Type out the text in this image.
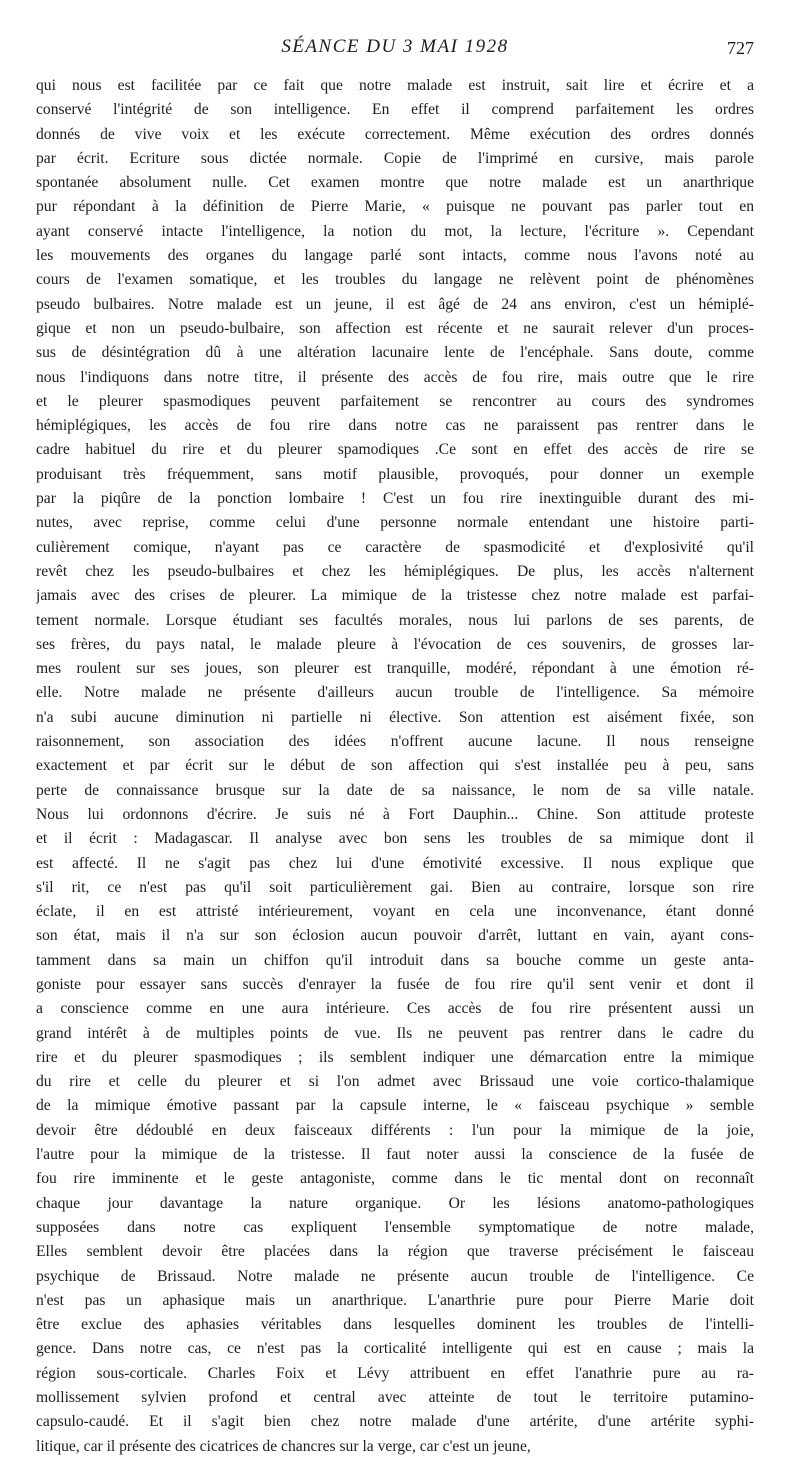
SÉANCE DU 3 MAI 1928	727
qui nous est facilitée par ce fait que notre malade est instruit, sait lire et écrire et a
conservé l'intégrité de son intelligence. En effet il comprend parfaitement les ordres
donnés de vive voix et les exécute correctement. Même exécution des ordres donnés
par écrit. Ecriture sous dictée normale. Copie de l'imprimé en cursive, mais parole
spontanée absolument nulle. Cet examen montre que notre malade est un anarthrique
pur répondant à la définition de Pierre Marie, « puisque ne pouvant pas parler tout en
ayant conservé intacte l'intelligence, la notion du mot, la lecture, l'écriture ». Cependant
les mouvements des organes du langage parlé sont intacts, comme nous l'avons noté au
cours de l'examen somatique, et les troubles du langage ne relèvent point de phénomènes
pseudo bulbaires. Notre malade est un jeune, il est âgé de 24 ans environ, c'est un hémiplé-
gique et non un pseudo-bulbaire, son affection est récente et ne saurait relever d'un proces-
sus de désintégration dû à une altération lacunaire lente de l'encéphale. Sans doute, comme
nous l'indiquons dans notre titre, il présente des accès de fou rire, mais outre que le rire
et le pleurer spasmodiques peuvent parfaitement se rencontrer au cours des syndromes
hémiplégiques, les accès de fou rire dans notre cas ne paraissent pas rentrer dans le
cadre habituel du rire et du pleurer spamodiques .Ce sont en effet des accès de rire se
produisant très fréquemment, sans motif plausible, provoqués, pour donner un exemple
par la piqûre de la ponction lombaire ! C'est un fou rire inextinguible durant des mi-
nutes, avec reprise, comme celui d'une personne normale entendant une histoire parti-
culièrement comique, n'ayant pas ce caractère de spasmodicité et d'explosivité qu'il
revêt chez les pseudo-bulbaires et chez les hémiplégiques. De plus, les accès n'alternent
jamais avec des crises de pleurer. La mimique de la tristesse chez notre malade est parfai-
tement normale. Lorsque étudiant ses facultés morales, nous lui parlons de ses parents, de
ses frères, du pays natal, le malade pleure à l'évocation de ces souvenirs, de grosses lar-
mes roulent sur ses joues, son pleurer est tranquille, modéré, répondant à une émotion ré-
elle. Notre malade ne présente d'ailleurs aucun trouble de l'intelligence. Sa mémoire
n'a subi aucune diminution ni partielle ni élective. Son attention est aisément fixée, son
raisonnement, son association des idées n'offrent aucune lacune. Il nous renseigne
exactement et par écrit sur le début de son affection qui s'est installée peu à peu, sans
perte de connaissance brusque sur la date de sa naissance, le nom de sa ville natale.
Nous lui ordonnons d'écrire. Je suis né à Fort Dauphin... Chine. Son attitude proteste
et il écrit : Madagascar. Il analyse avec bon sens les troubles de sa mimique dont il
est affecté. Il ne s'agit pas chez lui d'une émotivité excessive. Il nous explique que
s'il rit, ce n'est pas qu'il soit particulièrement gai. Bien au contraire, lorsque son rire
éclate, il en est attristé intérieurement, voyant en cela une inconvenance, étant donné
son état, mais il n'a sur son éclosion aucun pouvoir d'arrêt, luttant en vain, ayant cons-
tamment dans sa main un chiffon qu'il introduit dans sa bouche comme un geste anta-
goniste pour essayer sans succès d'enrayer la fusée de fou rire qu'il sent venir et dont il
a conscience comme en une aura intérieure. Ces accès de fou rire présentent aussi un
grand intérêt à de multiples points de vue. Ils ne peuvent pas rentrer dans le cadre du
rire et du pleurer spasmodiques ; ils semblent indiquer une démarcation entre la mimique
du rire et celle du pleurer et si l'on admet avec Brissaud une voie cortico-thalamique
de la mimique émotive passant par la capsule interne, le « faisceau psychique » semble
devoir être dédoublé en deux faisceaux différents : l'un pour la mimique de la joie,
l'autre pour la mimique de la tristesse. Il faut noter aussi la conscience de la fusée de
fou rire imminente et le geste antagoniste, comme dans le tic mental dont on reconnaît
chaque jour davantage la nature organique. Or les lésions anatomo-pathologiques
supposées dans notre cas expliquent l'ensemble symptomatique de notre malade,
Elles semblent devoir être placées dans la région que traverse précisément le faisceau
psychique de Brissaud. Notre malade ne présente aucun trouble de l'intelligence. Ce
n'est pas un aphasique mais un anarthrique. L'anarthrie pure pour Pierre Marie doit
être exclue des aphasies véritables dans lesquelles dominent les troubles de l'intelli-
gence. Dans notre cas, ce n'est pas la corticalité intelligente qui est en cause ; mais la
région sous-corticale. Charles Foix et Lévy attribuent en effet l'anathrie pure au ra-
mollissement sylvien profond et central avec atteinte de tout le territoire putamino-
capsulo-caudé. Et il s'agit bien chez notre malade d'une artérite, d'une artérite syphi-
litique, car il présente des cicatrices de chancres sur la verge, car c'est un jeune,
